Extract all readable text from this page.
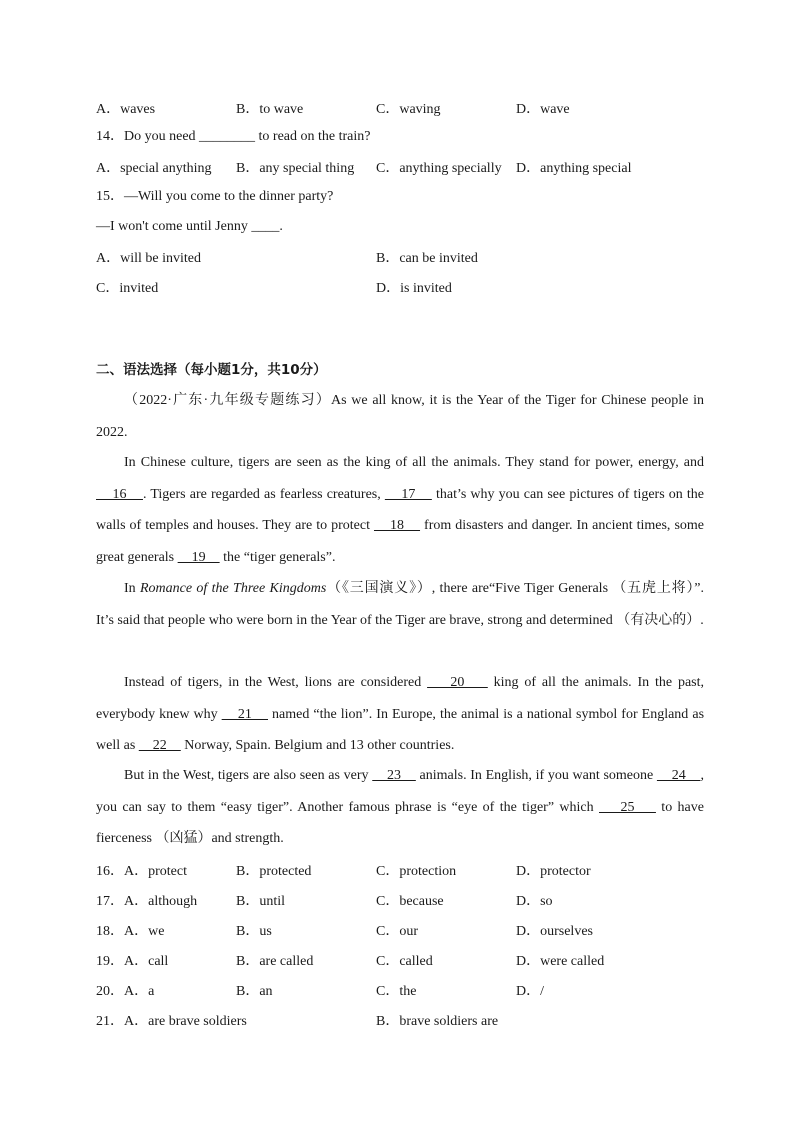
A．waves	B．to wave	C．waving	D．wave
14．Do you need ________ to read on the train?
A．special anything B．any special thing C．anything specially D．anything special
15．—Will you come to the dinner party?
—I won't come until Jenny ____.
A．will be invited	B．can be invited
C．invited	D．is invited
二、语法选择（每小题1分，共10分）
（2022·广东·九年级专题练习）As we all know, it is the Year of the Tiger for Chinese people in 2022.
In Chinese culture, tigers are seen as the king of all the animals. They stand for power, energy, and     16    . Tigers are regarded as fearless creatures,     17     that’s why you can see pictures of tigers on the walls of temples and houses. They are to protect     18     from disasters and danger. In ancient times, some great generals     19     the “tiger generals”.
In Romance of the Three Kingdoms（《三国演义》）, there are“Five Tiger Generals （五虎上将）”. It’s said that people who were born in the Year of the Tiger are brave, strong and determined （有决心的）.
Instead of tigers, in the West, lions are considered     20     king of all the animals. In the past, everybody knew why     21     named “the lion”. In Europe, the animal is a national symbol for England as well as     22     Norway, Spain. Belgium and 13 other countries.
But in the West, tigers are also seen as very     23     animals. In English, if you want someone     24    , you can say to them “easy tiger”. Another famous phrase is “eye of the tiger” which     25     to have fierceness （凶猛）and strength.
16．A．protect	B．protected	C．protection	D．protector
17．A．although	B．until	C．because	D．so
18．A．we	B．us	C．our	D．ourselves
19．A．call	B．are called	C．called	D．were called
20．A．a	B．an	C．the	D．/
21．A．are brave soldiers	B．brave soldiers are
